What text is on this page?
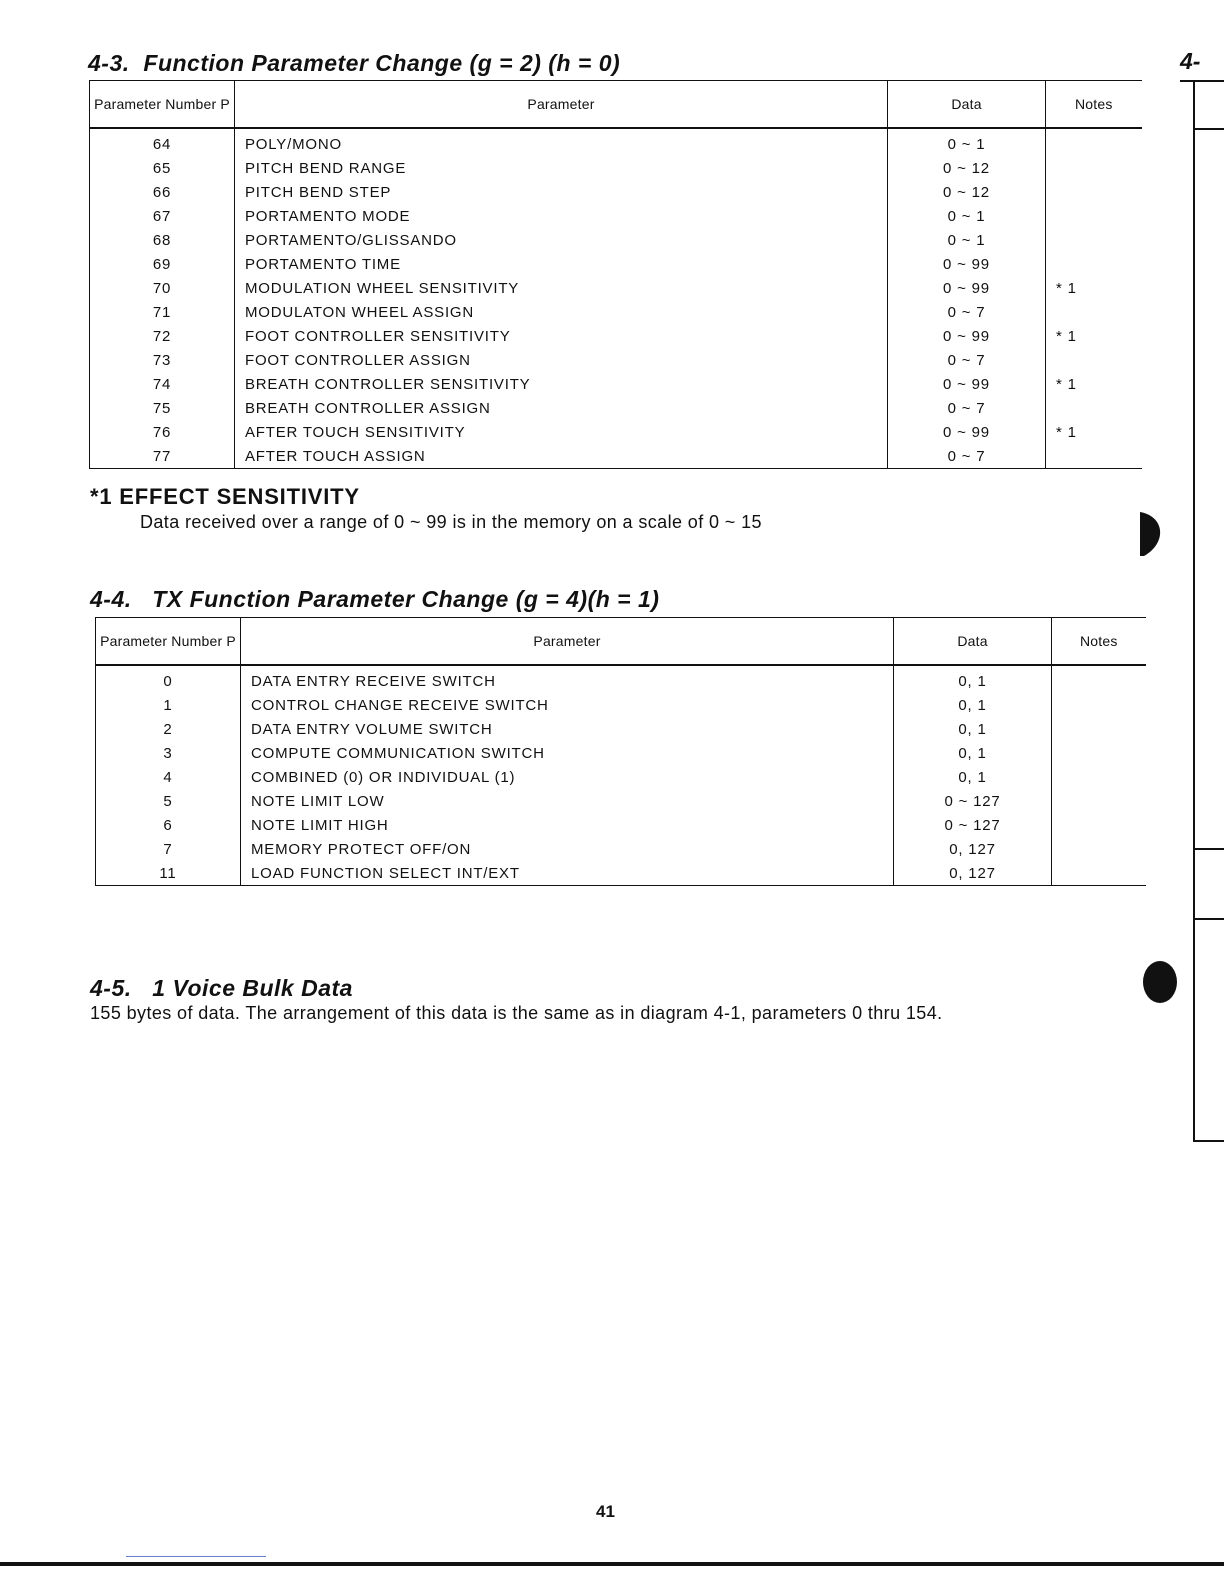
4-3.  Function Parameter Change (g = 2) (h = 0)	4-
Parameter Number P	Parameter	Data	Notes
64	POLY/MONO	0 ~ 1	
65	PITCH BEND RANGE	0 ~ 12	
66	PITCH BEND STEP	0 ~ 12	
67	PORTAMENTO MODE	0 ~ 1	
68	PORTAMENTO/GLISSANDO	0 ~ 1	
69	PORTAMENTO TIME	0 ~ 99	
70	MODULATION WHEEL SENSITIVITY	0 ~ 99	* 1
71	MODULATON WHEEL ASSIGN	0 ~ 7	
72	FOOT CONTROLLER SENSITIVITY	0 ~ 99	* 1
73	FOOT CONTROLLER ASSIGN	0 ~ 7	
74	BREATH CONTROLLER SENSITIVITY	0 ~ 99	* 1
75	BREATH CONTROLLER ASSIGN	0 ~ 7	
76	AFTER TOUCH SENSITIVITY	0 ~ 99	* 1
77	AFTER TOUCH ASSIGN	0 ~ 7	
*1 EFFECT SENSITIVITY
Data received over a range of 0 ~ 99 is in the memory on a scale of 0 ~ 15
4-4.   TX Function Parameter Change (g = 4)(h = 1)
Parameter Number P	Parameter	Data	Notes
0	DATA ENTRY RECEIVE SWITCH	0, 1	
1	CONTROL CHANGE RECEIVE SWITCH	0, 1	
2	DATA ENTRY VOLUME SWITCH	0, 1	
3	COMPUTE COMMUNICATION SWITCH	0, 1	
4	COMBINED (0) OR INDIVIDUAL (1)	0, 1	
5	NOTE LIMIT LOW	0 ~ 127	
6	NOTE LIMIT HIGH	0 ~ 127	
7	MEMORY PROTECT OFF/ON	0, 127	
11	LOAD FUNCTION SELECT INT/EXT	0, 127	
4-5.   1 Voice Bulk Data
155 bytes of data. The arrangement of this data is the same as in diagram 4-1, parameters 0 thru 154.
41
